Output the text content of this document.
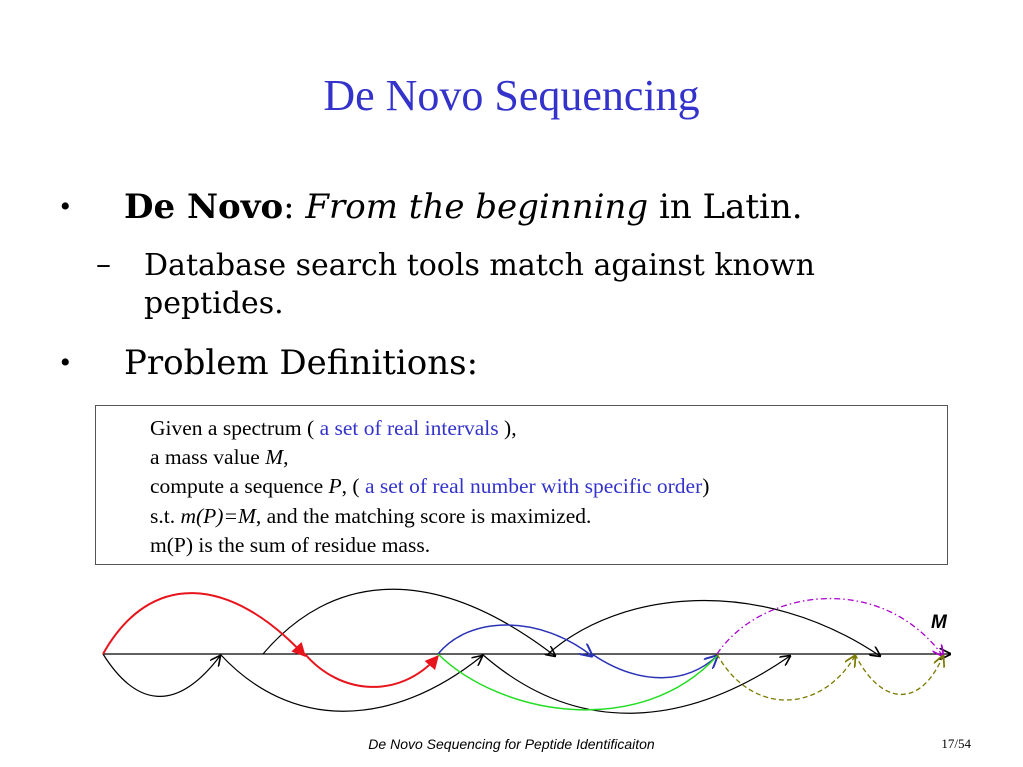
De Novo Sequencing
• De Novo: From the beginning in Latin.
– Database search tools match against known peptides.
• Problem Definitions:
Given a spectrum ( a set of real intervals ),
a mass value M,
compute a sequence P, ( a set of real number with specific order)
s.t. m(P)=M, and the matching score is maximized.
m(P) is the sum of residue mass.
M
De Novo Sequencing for Peptide Identificaiton	17/54
